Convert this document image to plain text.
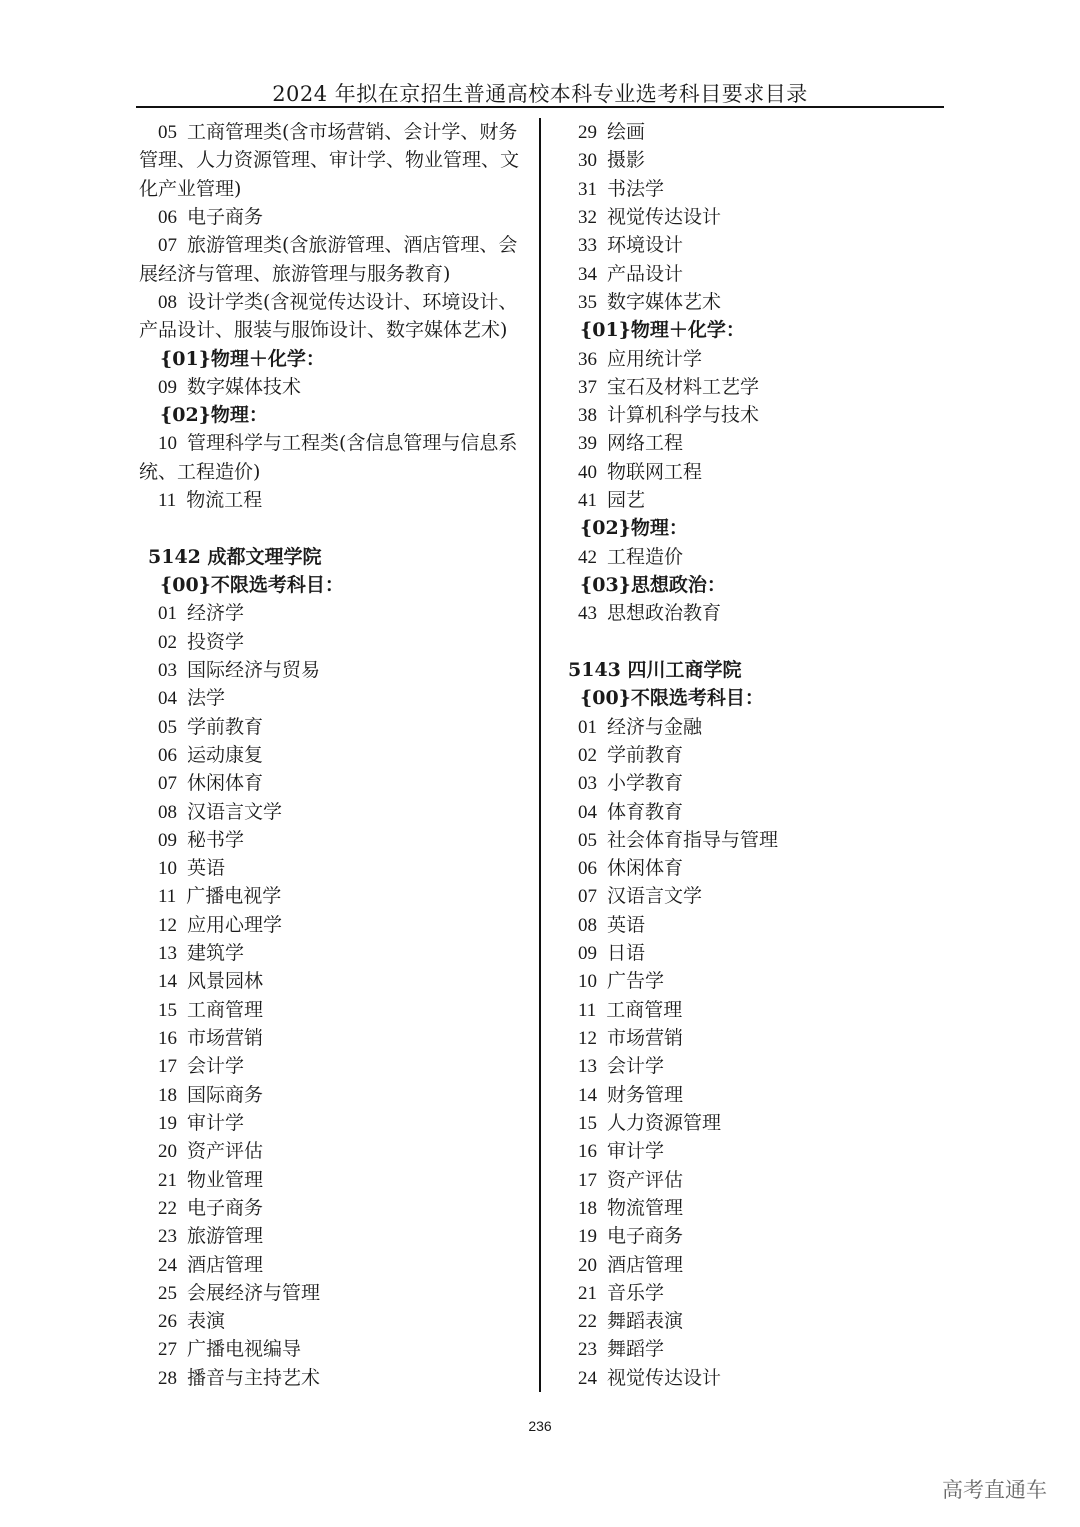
2024 年拟在京招生普通高校本科专业选考科目要求目录
05 工商管理类(含市场营销、会计学、财务
管理、人力资源管理、审计学、物业管理、文
化产业管理)
06 电子商务
07 旅游管理类(含旅游管理、酒店管理、会
展经济与管理、旅游管理与服务教育)
08 设计学类(含视觉传达设计、环境设计、
产品设计、服装与服饰设计、数字媒体艺术)
{01}物理＋化学：
09 数字媒体技术
{02}物理：
10 管理科学与工程类(含信息管理与信息系
统、工程造价)
11 物流工程
5142 成都文理学院
{00}不限选考科目：
01 经济学
02 投资学
03 国际经济与贸易
04 法学
05 学前教育
06 运动康复
07 休闲体育
08 汉语言文学
09 秘书学
10 英语
11 广播电视学
12 应用心理学
13 建筑学
14 风景园林
15 工商管理
16 市场营销
17 会计学
18 国际商务
19 审计学
20 资产评估
21 物业管理
22 电子商务
23 旅游管理
24 酒店管理
25 会展经济与管理
26 表演
27 广播电视编导
28 播音与主持艺术
29 绘画
30 摄影
31 书法学
32 视觉传达设计
33 环境设计
34 产品设计
35 数字媒体艺术
{01}物理＋化学：
36 应用统计学
37 宝石及材料工艺学
38 计算机科学与技术
39 网络工程
40 物联网工程
41 园艺
{02}物理：
42 工程造价
{03}思想政治：
43 思想政治教育
5143 四川工商学院
{00}不限选考科目：
01 经济与金融
02 学前教育
03 小学教育
04 体育教育
05 社会体育指导与管理
06 休闲体育
07 汉语言文学
08 英语
09 日语
10 广告学
11 工商管理
12 市场营销
13 会计学
14 财务管理
15 人力资源管理
16 审计学
17 资产评估
18 物流管理
19 电子商务
20 酒店管理
21 音乐学
22 舞蹈表演
23 舞蹈学
24 视觉传达设计
236
高考直通车
